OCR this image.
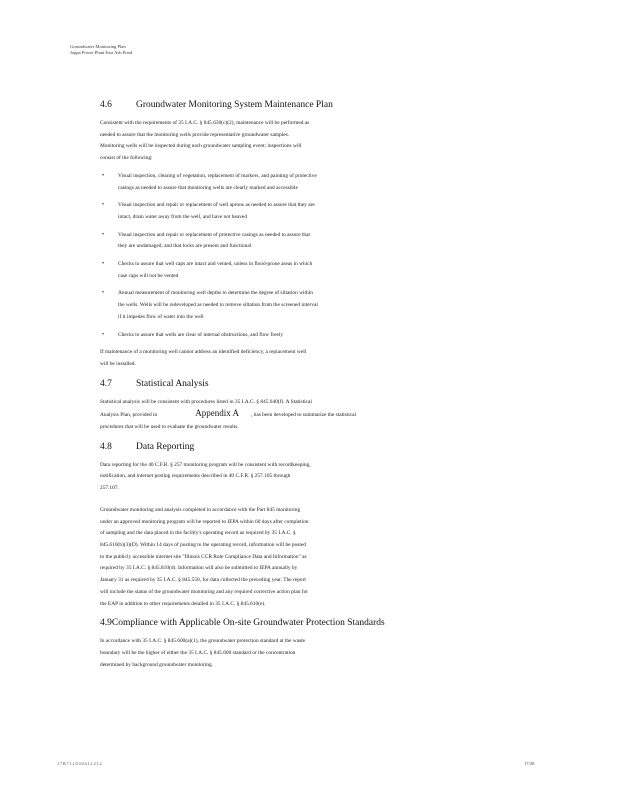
Groundwater Monitoring Plan
Joppa Power Plant East Ash Pond
4.6	Groundwater Monitoring System Maintenance Plan

Consistent with the requirements of 35 I.A.C. § 845.630(c)(2), maintenance will be performed as

needed to assure that the monitoring wells provide representative groundwater samples.

Monitoring wells will be inspected during each groundwater sampling event; inspections will

consist of the following:

•	Visual inspection, clearing of vegetation, replacement of markers, and painting of protective
casings as needed to assure that monitoring wells are clearly marked and accessible
•	Visual inspection and repair or replacement of well aprons as needed to assure that they are
intact, drain water away from the well, and have not heaved
•	Visual inspection and repair or replacement of protective casings as needed to assure that
they are undamaged, and that locks are present and functional
•	Checks to assure that well caps are intact and vented, unless in flood-prone areas in which
case caps will not be vented
•	Annual measurement of monitoring well depths to determine the degree of siltation within
the wells. Wells will be redeveloped as needed to remove siltation from the screened interval
if it impedes flow of water into the well
•	Checks to assure that wells are clear of internal obstructions, and flow freely

If maintenance of a monitoring well cannot address an identified deficiency, a replacement well

will be installed.

4.7	Statistical Analysis

Statistical analysis will be consistent with procedures listed in 35 I.A.C. § 845.640(f). A Statistical

Analysis Plan, provided in	Appendix A , has been developed to summarize the statistical

procedures that will be used to evaluate the groundwater results.

4.8	Data Reporting

Data reporting for the 40 C.F.R. § 257 monitoring program will be consistent with recordkeeping,

notification, and internet posting requirements described in 40 C.F.R. § 257.105 through

257.107.

Groundwater monitoring and analysis completed in accordance with the Part 845 monitoring

under an approved monitoring program will be reported to IEPA within 60 days after completion

of sampling and the data placed in the facility's operating record as required by 35 I.A.C. §

845.610(b)(3)(D). Within 14 days of posting to the operating record, information will be posted

to the publicly accessible internet site "Illinois CCR Rule Compliance Data and Information" as

required by 35 I.A.C. § 845.810(d). Information will also be submitted to IEPA annually by

January 31 as required by 35 I.A.C. § 845.550, for data collected the preceding year. The report

will include the status of the groundwater monitoring and any required corrective action plan for

the EAP in addition to other requirements detailed in 35 I.A.C. § 845.610(e).

4.9 Compliance with Applicable On-site Groundwater Protection Standards

In accordance with 35 I.A.C. § 845.600(a)(1), the groundwater protection standard at the waste

boundary will be the higher of either the 35 I.A.C. § 845.600 standard or the concentration

determined by background groundwater monitoring.

1.7.B.7.1,1.0.3.0.4.1.1.2.1.2	17/28
